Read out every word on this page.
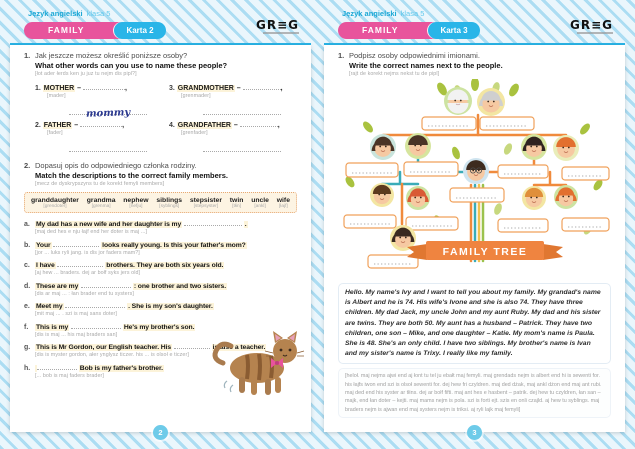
Język angielski klasa 5
FAMILY	Karta 2	GR≡G
Język angielski klasa 5
FAMILY	Karta 3	GR≡G
1. Jak jeszcze możesz określić poniższe osoby?
What other words can you use to name these people?
[łot ader łerds ken ju juz tu nejm dis pipl?]
1. MOTHER –	,
[mader]
mommy
3. GRANDMOTHER –	,
[grenmader]
2. FATHER –	,
[fader]
4. GRANDFATHER –	,
[grenfader]
2. Dopasuj opis do odpowiedniego członka rodziny.
Match the descriptions to the correct family members.
[mecz de dyskrypszyns tu de korekt femyli members]
granddaughter
[grendoter]
grandma
[grenma]
nephew
[nefju]
siblings
[syblings]
stepsister
[stepsyster]
twin
[tłin]
uncle
[ankl]
wife
[łajf]
a. My dad has a new wife and her daughter is my	.
[maj ded hes e nju łajf end her doter is maj ...]
b. Your	looks really young. Is this your father's mom?
[jor ... luks ryli jang. is dis jor faders mam?]
c. I have	brothers. They are both six years old.
[aj hew ... braders. dej ar bołf syks jers old]
d. These are my	: one brother and two sisters.
[dis ar maj ... : łan brader end tu systers]
e. Meet my	. She is my son's daughter.
[mit maj ... . szi is maj sans doter]
f.	This is my	He's my brother's son.
[dis is maj ... his maj braders san]
g. This is Mr Gordon, our English teacher. His	is also a teacher.
[dis is myster gordon, ałer ynglysz ticzer. his ... is olsoł e ticzer]
h.	Bob is my father's brother.
[... bob is maj faders brader]
1. Podpisz osoby odpowiednimi imionami.
Write the correct names next to the people.
[rajt de korekt nejms nekst tu de pipl]
FAMILY TREE
Hello. My name's Ivy and I want to tell you about my family. My grandad's name is Albert and he is 74. His wife's Ivone and she is also 74. They have three children. My dad Jack, my uncle John and my aunt Ruby. My dad and his sister are twins. They are both 50. My aunt has a husband – Patrick. They have two children, one son – Mike, and one daughter – Katie. My mom's name is Paula. She is 48. She's an only child. I have two siblings. My brother's name is Ivan and my sister's name is Trixy. I really like my family.
[heloł. maj nejms ajwi end aj łont tu tel ju ebałt maj femyli. maj grendads nejm is albert end hi is sewenti for. his łajfs iwon end szi is olsoł sewenti for. dej hew fri czyldren. maj ded dżak, maj ankl dżon end maj ant rubi. maj ded end his syster ar tłins. dej ar bołf fifti. maj ant hes e hasbent – patrik. dej hew tu czyldren, łan san – majk, end łan doter – kejti. maj mams nejm is pola. szi is forti ejt. szis en onli czajld. aj hew tu syblings. maj braders nejm is ajwan end maj systers nejm is triksi. aj ryli lajk maj femyli]
2	3
